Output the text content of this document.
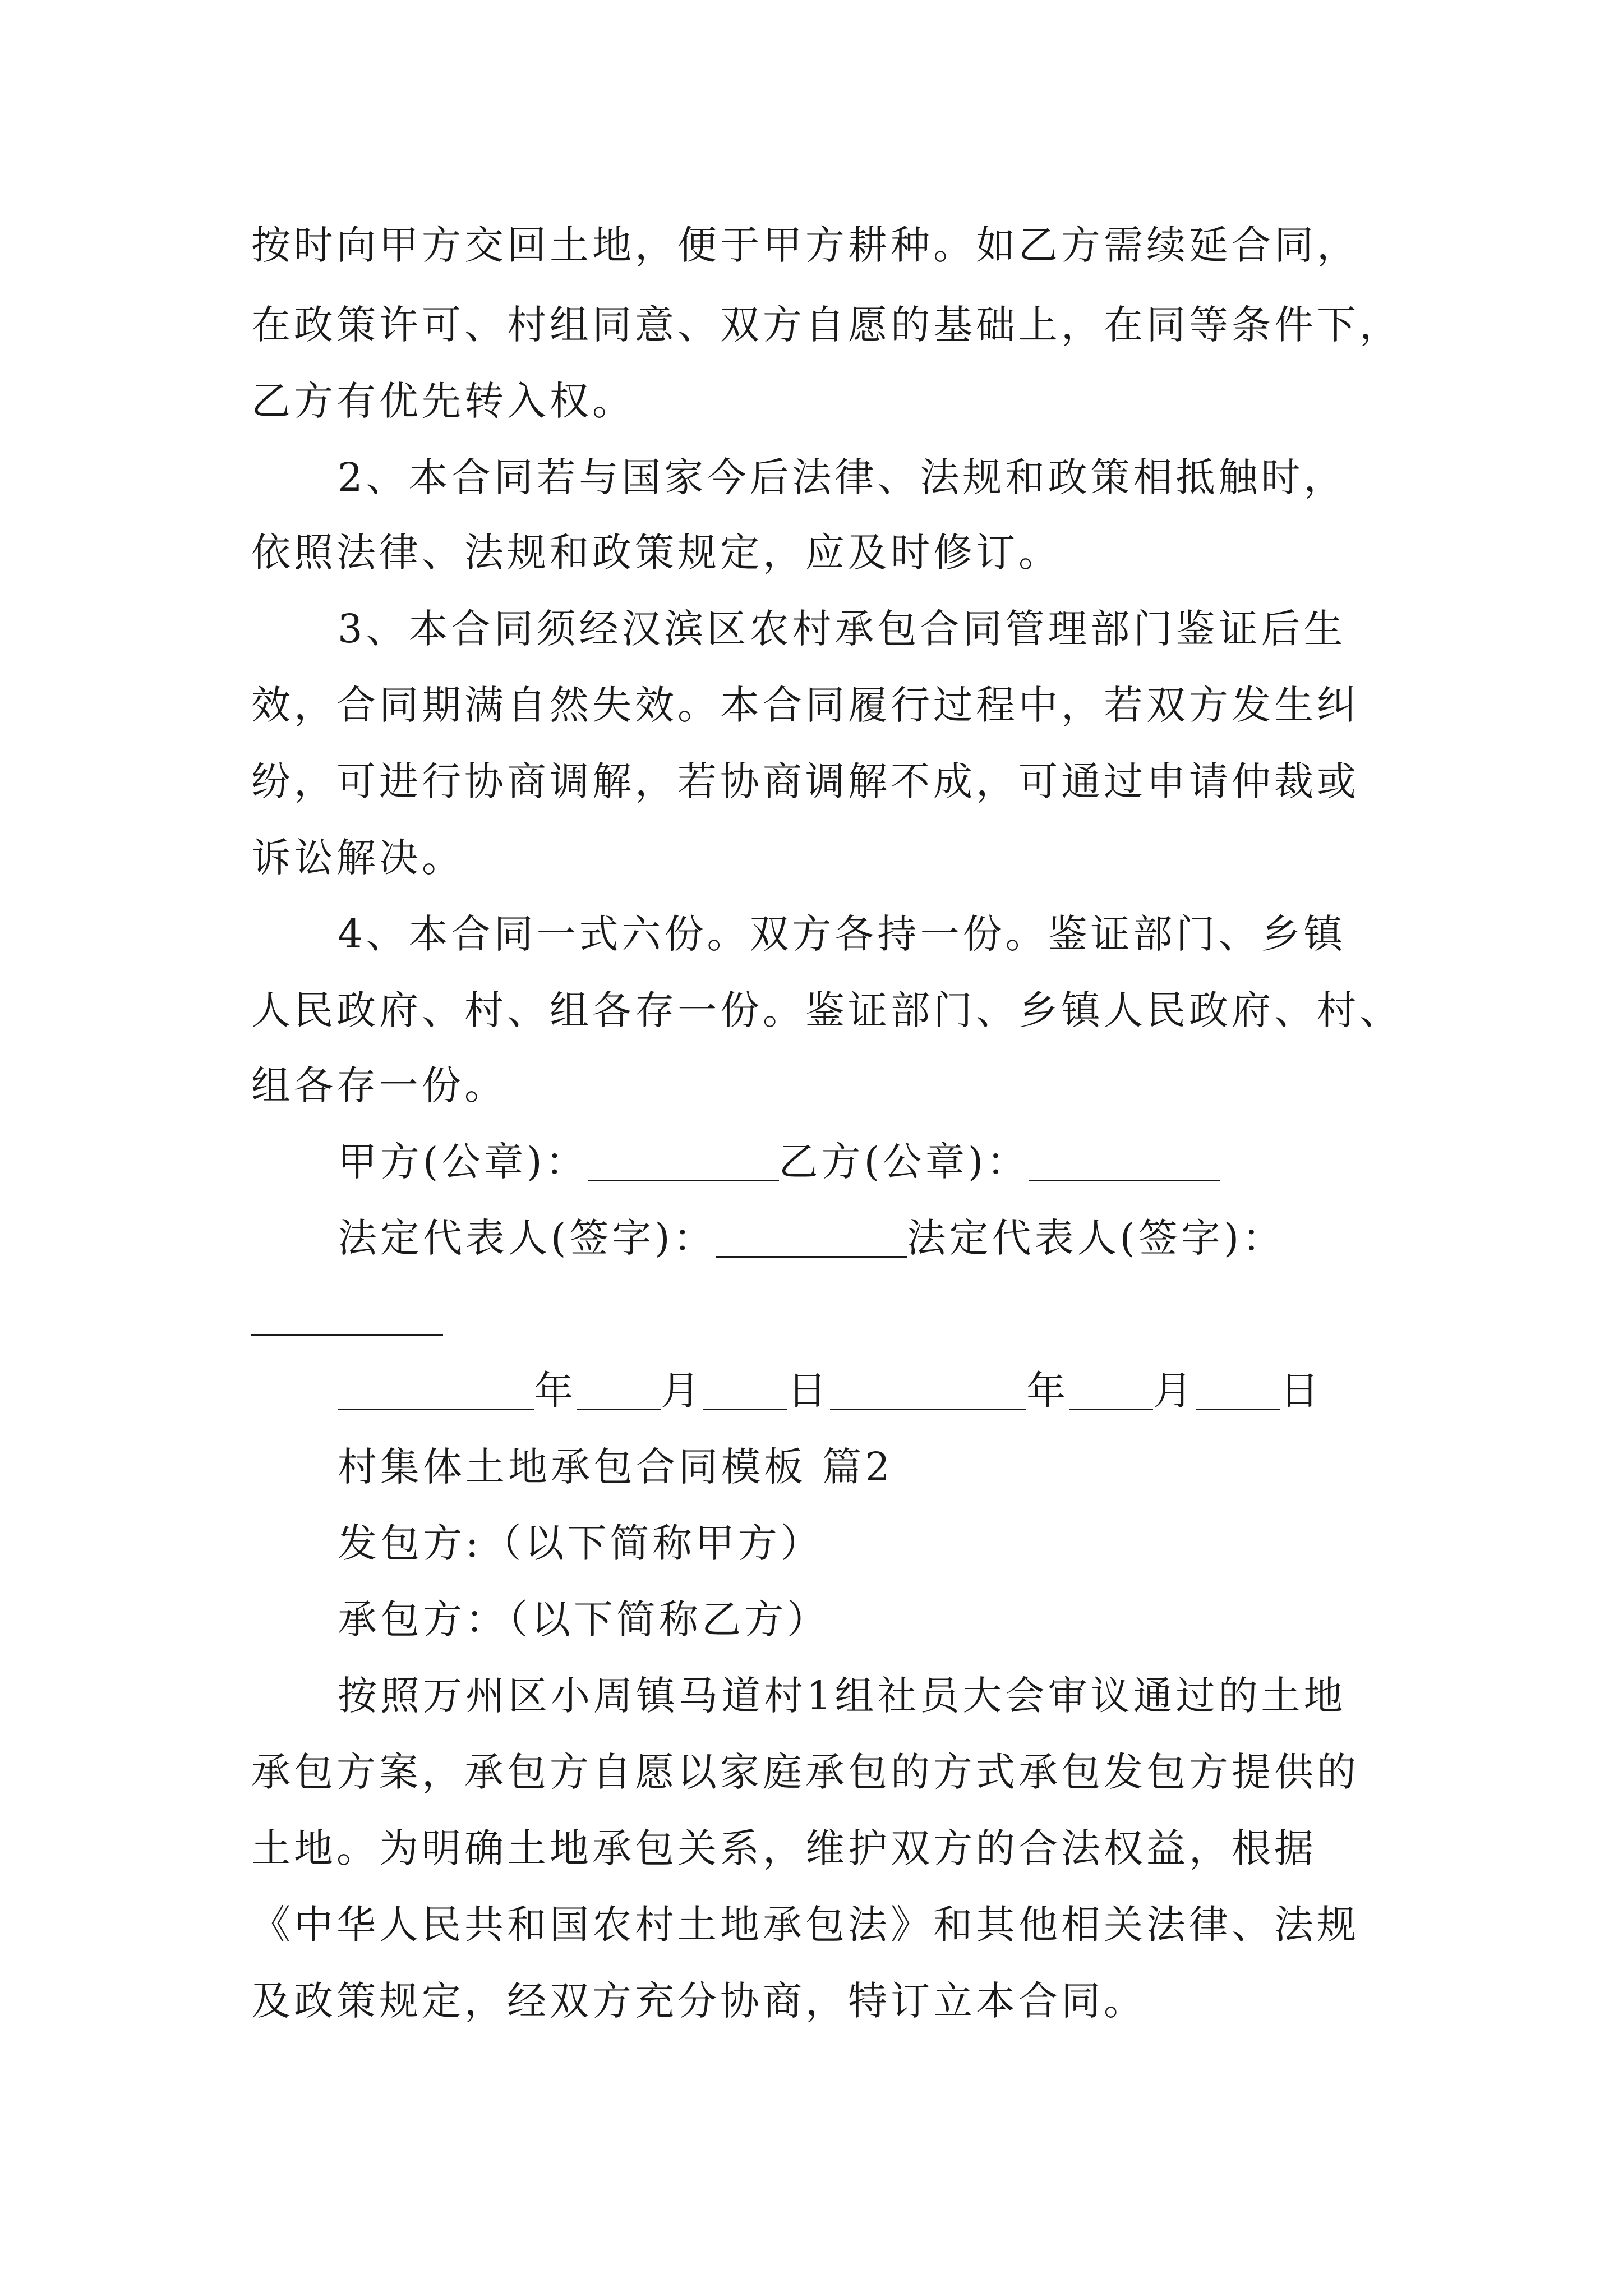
按时向甲方交回土地，便于甲方耕种。如乙方需续延合同，
在政策许可、村组同意、双方自愿的基础上，在同等条件下，
乙方有优先转入权。
2、本合同若与国家今后法律、法规和政策相抵触时，
依照法律、法规和政策规定，应及时修订。
3、本合同须经汉滨区农村承包合同管理部门鉴证后生
效，合同期满自然失效。本合同履行过程中，若双方发生纠
纷，可进行协商调解，若协商调解不成，可通过申请仲裁或
诉讼解决。
4、本合同一式六份。双方各持一份。鉴证部门、乡镇
人民政府、村、组各存一份。鉴证部门、乡镇人民政府、村、
组各存一份。
甲方(公章)：	乙方(公章)：
法定代表人(签字)：	法定代表人(签字)：
年 月 日	年 月 日
村集体土地承包合同模板 篇2
发包方:（以下简称甲方）
承包方：（以下简称乙方）
按照万州区小周镇马道村1组社员大会审议通过的土地
承包方案，承包方自愿以家庭承包的方式承包发包方提供的
土地。为明确土地承包关系，维护双方的合法权益，根据
《中华人民共和国农村土地承包法》和其他相关法律、法规
及政策规定，经双方充分协商，特订立本合同。
